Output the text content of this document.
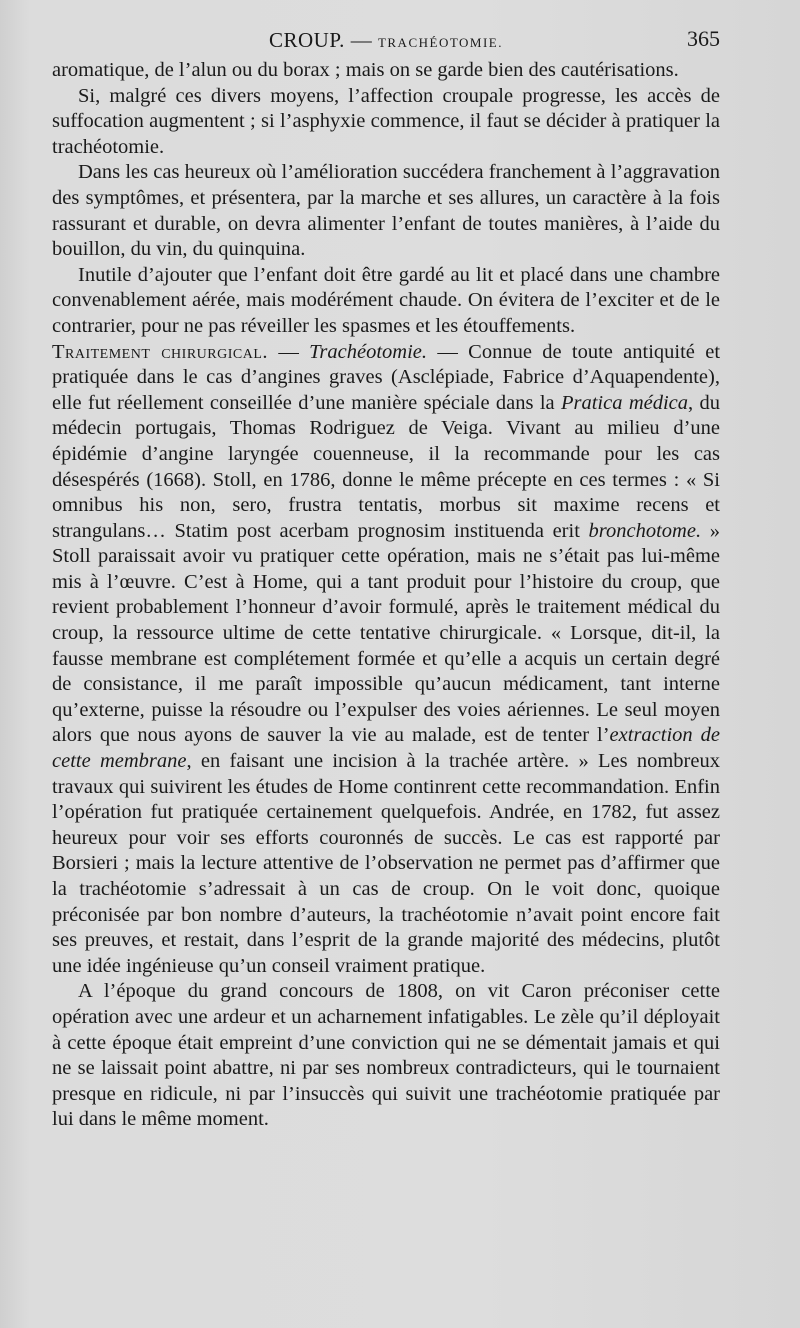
CROUP. — TRACHÉOTOMIE.	365

aromatique, de l’alun ou du borax ; mais on se garde bien des cautérisations.

Si, malgré ces divers moyens, l’affection croupale progresse, les accès de suffocation augmentent ; si l’asphyxie commence, il faut se décider à pratiquer la trachéotomie.

Dans les cas heureux où l’amélioration succédera franchement à l’aggravation des symptômes, et présentera, par la marche et ses allures, un caractère à la fois rassurant et durable, on devra alimenter l’enfant de toutes manières, à l’aide du bouillon, du vin, du quinquina.

Inutile d’ajouter que l’enfant doit être gardé au lit et placé dans une chambre convenablement aérée, mais modérément chaude. On évitera de l’exciter et de le contrarier, pour ne pas réveiller les spasmes et les étouffements.

Traitement chirurgical. — Trachéotomie. — Connue de toute antiquité et pratiquée dans le cas d’angines graves (Asclépiade, Fabrice d’Aquapendente), elle fut réellement conseillée d’une manière spéciale dans la Pratica médica, du médecin portugais, Thomas Rodriguez de Veiga. Vivant au milieu d’une épidémie d’angine laryngée couenneuse, il la recommande pour les cas désespérés (1668). Stoll, en 1786, donne le même précepte en ces termes : « Si omnibus his non, sero, frustra tentatis, morbus sit maxime recens et strangulans… Statim post acerbam prognosim instituenda erit bronchotome. » Stoll paraissait avoir vu pratiquer cette opération, mais ne s’était pas lui-même mis à l’œuvre. C’est à Home, qui a tant produit pour l’histoire du croup, que revient probablement l’honneur d’avoir formulé, après le traitement médical du croup, la ressource ultime de cette tentative chirurgicale. « Lorsque, dit-il, la fausse membrane est complétement formée et qu’elle a acquis un certain degré de consistance, il me paraît impossible qu’aucun médicament, tant interne qu’externe, puisse la résoudre ou l’expulser des voies aériennes. Le seul moyen alors que nous ayons de sauver la vie au malade, est de tenter l’extraction de cette membrane, en faisant une incision à la trachée artère. » Les nombreux travaux qui suivirent les études de Home continrent cette recommandation. Enfin l’opération fut pratiquée certainement quelquefois. Andrée, en 1782, fut assez heureux pour voir ses efforts couronnés de succès. Le cas est rapporté par Borsieri ; mais la lecture attentive de l’observation ne permet pas d’affirmer que la trachéotomie s’adressait à un cas de croup. On le voit donc, quoique préconisée par bon nombre d’auteurs, la trachéotomie n’avait point encore fait ses preuves, et restait, dans l’esprit de la grande majorité des médecins, plutôt une idée ingénieuse qu’un conseil vraiment pratique.

A l’époque du grand concours de 1808, on vit Caron préconiser cette opération avec une ardeur et un acharnement infatigables. Le zèle qu’il déployait à cette époque était empreint d’une conviction qui ne se démentait jamais et qui ne se laissait point abattre, ni par ses nombreux contradicteurs, qui le tournaient presque en ridicule, ni par l’insuccès qui suivit une trachéotomie pratiquée par lui dans le même moment.
